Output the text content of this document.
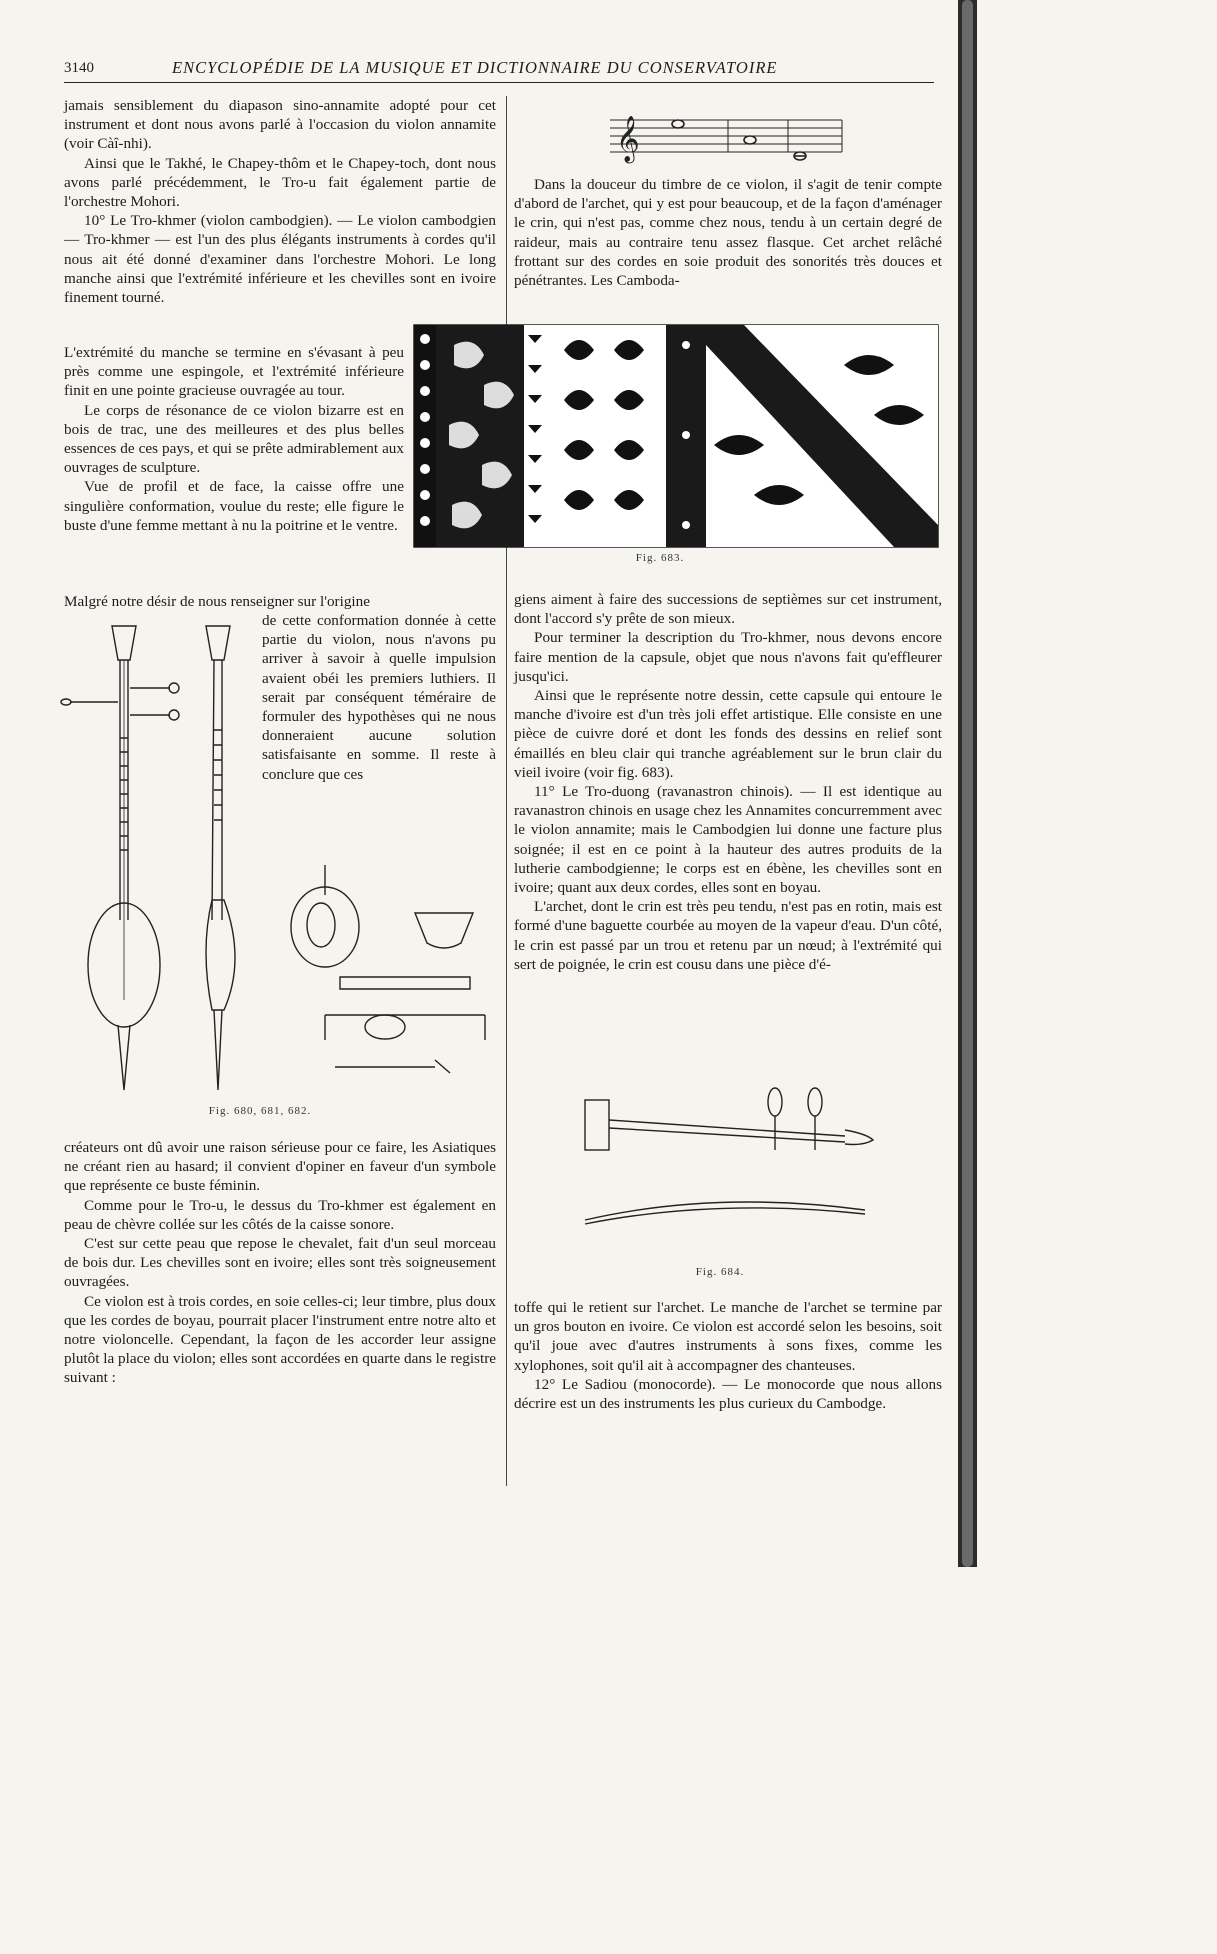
3140	ENCYCLOPÉDIE DE LA MUSIQUE ET DICTIONNAIRE DU CONSERVATOIRE

jamais sensiblement du diapason sino-annamite adopté pour cet instrument et dont nous avons parlé à l'occasion du violon annamite (voir Càî-nhi).

Ainsi que le Takhé, le Chapey-thôm et le Chapey-toch, dont nous avons parlé précédemment, le Tro-u fait également partie de l'orchestre Mohori.

10° Le Tro-khmer (violon cambodgien). — Le violon cambodgien — Tro-khmer — est l'un des plus élégants instruments à cordes qu'il nous ait été donné d'examiner dans l'orchestre Mohori. Le long manche ainsi que l'extrémité inférieure et les chevilles sont en ivoire finement tourné.

L'extrémité du manche se termine en s'évasant à peu près comme une espingole, et l'extrémité inférieure finit en une pointe gracieuse ouvragée au tour.

Le corps de résonance de ce violon bizarre est en bois de trac, une des meilleures et des plus belles essences de ces pays, et qui se prête admirablement aux ouvrages de sculpture.

Vue de profil et de face, la caisse offre une singulière conformation, voulue du reste; elle figure le buste d'une femme mettant à nu la poitrine et le ventre.

Malgré notre désir de nous renseigner sur l'origine

de cette conformation donnée à cette partie du violon, nous n'avons pu arriver à savoir à quelle impulsion avaient obéi les premiers luthiers. Il serait par conséquent téméraire de formuler des hypothèses qui ne nous donneraient aucune solution satisfaisante en somme. Il reste à conclure que ces

Fig. 680, 681, 682.

créateurs ont dû avoir une raison sérieuse pour ce faire, les Asiatiques ne créant rien au hasard; il convient d'opiner en faveur d'un symbole que représente ce buste féminin.

Comme pour le Tro-u, le dessus du Tro-khmer est également en peau de chèvre collée sur les côtés de la caisse sonore.

C'est sur cette peau que repose le chevalet, fait d'un seul morceau de bois dur. Les chevilles sont en ivoire; elles sont très soigneusement ouvragées.

Ce violon est à trois cordes, en soie celles-ci; leur timbre, plus doux que les cordes de boyau, pourrait placer l'instrument entre notre alto et notre violoncelle. Cependant, la façon de les accorder leur assigne plutôt la place du violon; elles sont accordées en quarte dans le registre suivant :

𝄞

Dans la douceur du timbre de ce violon, il s'agit de tenir compte d'abord de l'archet, qui y est pour beaucoup, et de la façon d'aménager le crin, qui n'est pas, comme chez nous, tendu à un certain degré de raideur, mais au contraire tenu assez flasque. Cet archet relâché frottant sur des cordes en soie produit des sonorités très douces et pénétrantes. Les Camboda-

Fig. 683.

giens aiment à faire des successions de septièmes sur cet instrument, dont l'accord s'y prête de son mieux.

Pour terminer la description du Tro-khmer, nous devons encore faire mention de la capsule, objet que nous n'avons fait qu'effleurer jusqu'ici.

Ainsi que le représente notre dessin, cette capsule qui entoure le manche d'ivoire est d'un très joli effet artistique. Elle consiste en une pièce de cuivre doré et dont les fonds des dessins en relief sont émaillés en bleu clair qui tranche agréablement sur le brun clair du vieil ivoire (voir fig. 683).

11° Le Tro-duong (ravanastron chinois). — Il est identique au ravanastron chinois en usage chez les Annamites concurremment avec le violon annamite; mais le Cambodgien lui donne une facture plus soignée; il est en ce point à la hauteur des autres produits de la lutherie cambodgienne; le corps est en ébène, les chevilles sont en ivoire; quant aux deux cordes, elles sont en boyau.

L'archet, dont le crin est très peu tendu, n'est pas en rotin, mais est formé d'une baguette courbée au moyen de la vapeur d'eau. D'un côté, le crin est passé par un trou et retenu par un nœud; à l'extrémité qui sert de poignée, le crin est cousu dans une pièce d'é-

Fig. 684.

toffe qui le retient sur l'archet. Le manche de l'archet se termine par un gros bouton en ivoire. Ce violon est accordé selon les besoins, soit qu'il joue avec d'autres instruments à sons fixes, comme les xylophones, soit qu'il ait à accompagner des chanteuses.

12° Le Sadiou (monocorde). — Le monocorde que nous allons décrire est un des instruments les plus curieux du Cambodge.
